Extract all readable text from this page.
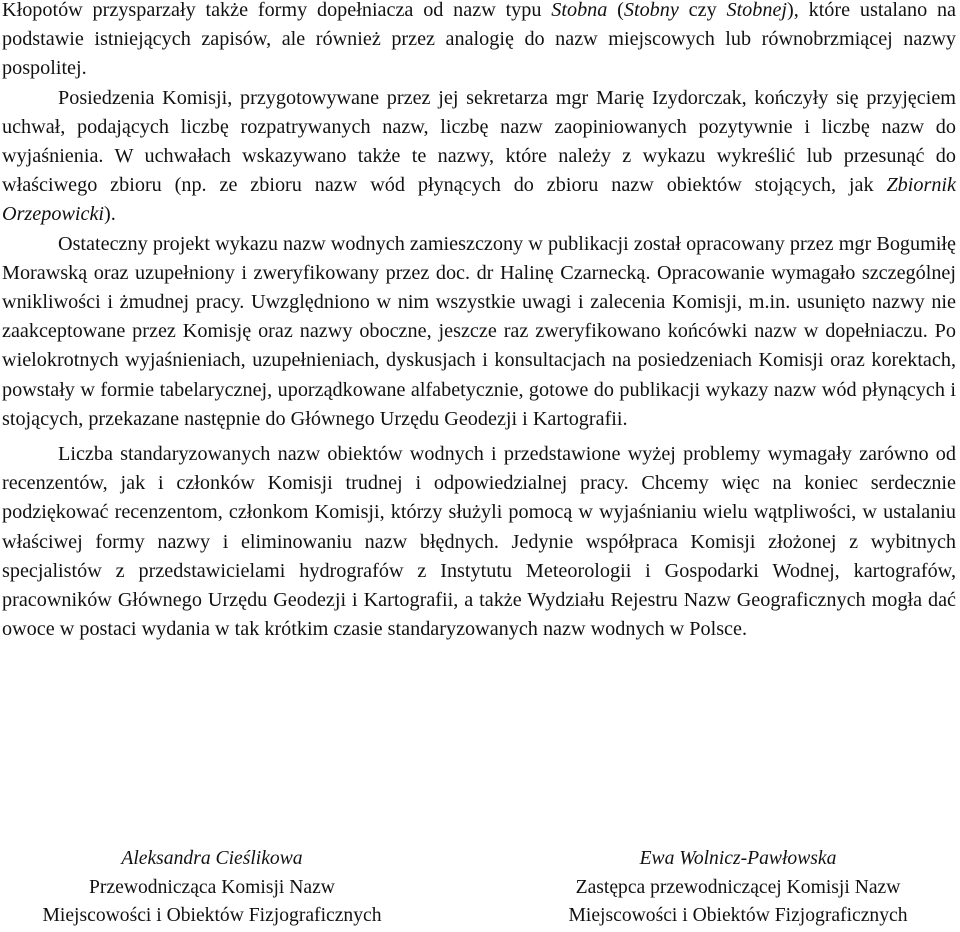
Kłopotów przysparzały także formy dopełniacza od nazw typu Stobna (Stobny czy Stobnej), które ustalano na podstawie istniejących zapisów, ale również przez analogię do nazw miejscowych lub równobrzmiącej nazwy pospolitej.

Posiedzenia Komisji, przygotowywane przez jej sekretarza mgr Marię Izydorczak, kończyły się przyjęciem uchwał, podających liczbę rozpatrywanych nazw, liczbę nazw zaopiniowanych pozytywnie i liczbę nazw do wyjaśnienia. W uchwałach wskazywano także te nazwy, które należy z wykazu wykreślić lub przesunąć do właściwego zbioru (np. ze zbioru nazw wód płynących do zbioru nazw obiektów stojących, jak Zbiornik Orzepowicki).

Ostateczny projekt wykazu nazw wodnych zamieszczony w publikacji został opracowany przez mgr Bogumiłę Morawską oraz uzupełniony i zweryfikowany przez doc. dr Halinę Czarnecką. Opracowanie wymagało szczególnej wnikliwości i żmudnej pracy. Uwzględniono w nim wszystkie uwagi i zalecenia Komisji, m.in. usunięto nazwy nie zaakceptowane przez Komisję oraz nazwy oboczne, jeszcze raz zweryfikowano końcówki nazw w dopełniaczu. Po wielokrotnych wyjaśnieniach, uzupełnieniach, dyskusjach i konsultacjach na posiedzeniach Komisji oraz korektach, powstały w formie tabelarycznej, uporządkowane alfabetycznie, gotowe do publikacji wykazy nazw wód płynących i stojących, przekazane następnie do Głównego Urzędu Geodezji i Kartografii.

Liczba standaryzowanych nazw obiektów wodnych i przedstawione wyżej problemy wymagały zarówno od recenzentów, jak i członków Komisji trudnej i odpowiedzialnej pracy. Chcemy więc na koniec serdecznie podziękować recenzentom, członkom Komisji, którzy służyli pomocą w wyjaśnianiu wielu wątpliwości, w ustalaniu właściwej formy nazwy i eliminowaniu nazw błędnych. Jedynie współpraca Komisji złożonej z wybitnych specjalistów z przedstawicielami hydrografów z Instytutu Meteorologii i Gospodarki Wodnej, kartografów, pracowników Głównego Urzędu Geodezji i Kartografii, a także Wydziału Rejestru Nazw Geograficznych mogła dać owoce w postaci wydania w tak krótkim czasie standaryzowanych nazw wodnych w Polsce.

Aleksandra Cieślikowa
Przewodnicząca Komisji Nazw
Miejscowości i Obiektów Fizjograficznych
Ewa Wolnicz-Pawłowska
Zastępca przewodniczącej Komisji Nazw
Miejscowości i Obiektów Fizjograficznych
